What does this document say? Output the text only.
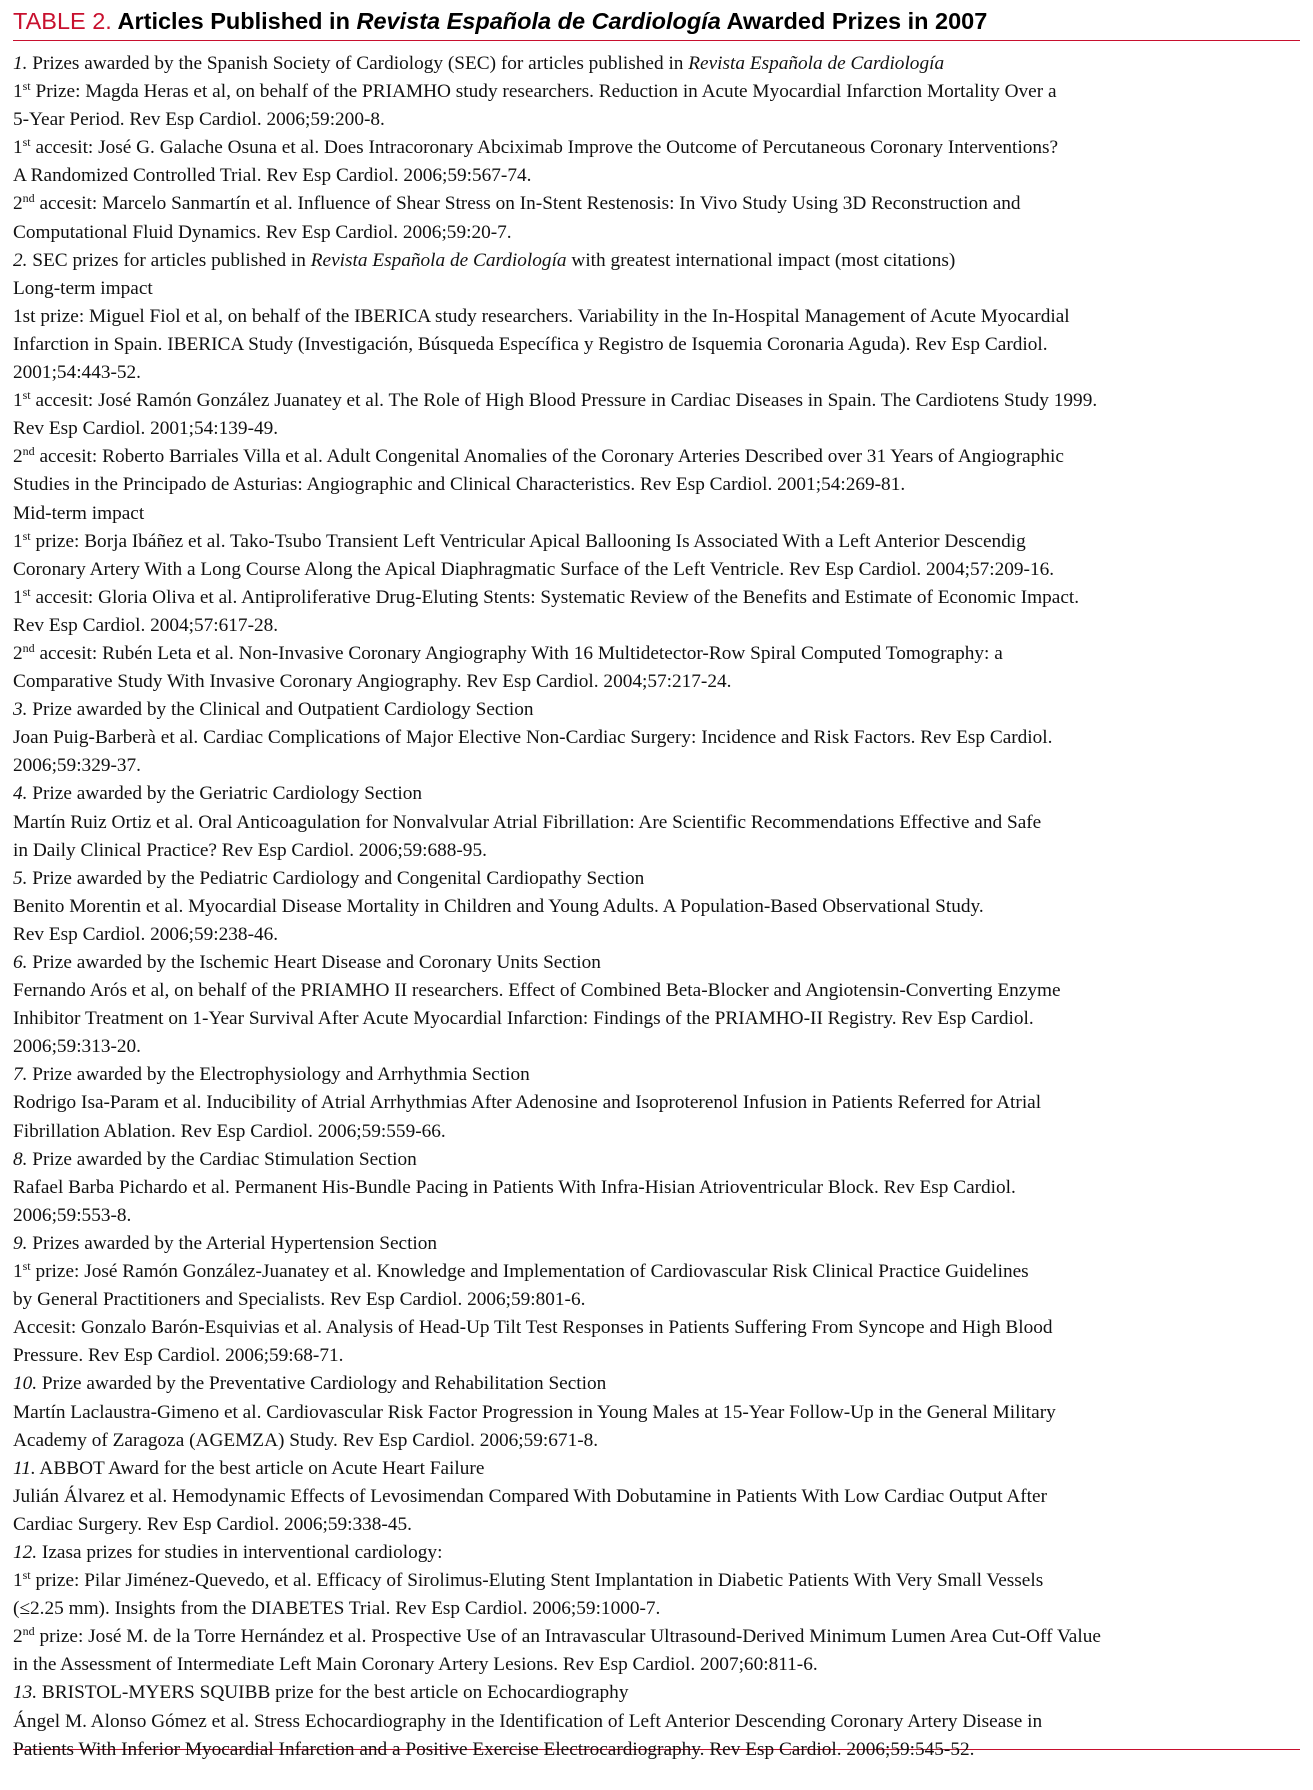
TABLE 2. Articles Published in Revista Española de Cardiología Awarded Prizes in 2007
1. Prizes awarded by the Spanish Society of Cardiology (SEC) for articles published in Revista Española de Cardiología
1st Prize: Magda Heras et al, on behalf of the PRIAMHO study researchers. Reduction in Acute Myocardial Infarction Mortality Over a
5-Year Period. Rev Esp Cardiol. 2006;59:200-8.
1st accesit: José G. Galache Osuna et al. Does Intracoronary Abciximab Improve the Outcome of Percutaneous Coronary Interventions?
A Randomized Controlled Trial. Rev Esp Cardiol. 2006;59:567-74.
2nd accesit: Marcelo Sanmartín et al. Influence of Shear Stress on In-Stent Restenosis: In Vivo Study Using 3D Reconstruction and
Computational Fluid Dynamics. Rev Esp Cardiol. 2006;59:20-7.
2. SEC prizes for articles published in Revista Española de Cardiología with greatest international impact (most citations)
Long-term impact
1st prize: Miguel Fiol et al, on behalf of the IBERICA study researchers. Variability in the In-Hospital Management of Acute Myocardial
Infarction in Spain. IBERICA Study (Investigación, Búsqueda Específica y Registro de Isquemia Coronaria Aguda). Rev Esp Cardiol.
2001;54:443-52.
1st accesit: José Ramón González Juanatey et al. The Role of High Blood Pressure in Cardiac Diseases in Spain. The Cardiotens Study 1999.
Rev Esp Cardiol. 2001;54:139-49.
2nd accesit: Roberto Barriales Villa et al. Adult Congenital Anomalies of the Coronary Arteries Described over 31 Years of Angiographic
Studies in the Principado de Asturias: Angiographic and Clinical Characteristics. Rev Esp Cardiol. 2001;54:269-81.
Mid-term impact
1st prize: Borja Ibáñez et al. Tako-Tsubo Transient Left Ventricular Apical Ballooning Is Associated With a Left Anterior Descendig
Coronary Artery With a Long Course Along the Apical Diaphragmatic Surface of the Left Ventricle. Rev Esp Cardiol. 2004;57:209-16.
1st accesit: Gloria Oliva et al. Antiproliferative Drug-Eluting Stents: Systematic Review of the Benefits and Estimate of Economic Impact.
Rev Esp Cardiol. 2004;57:617-28.
2nd accesit: Rubén Leta et al. Non-Invasive Coronary Angiography With 16 Multidetector-Row Spiral Computed Tomography: a
Comparative Study With Invasive Coronary Angiography. Rev Esp Cardiol. 2004;57:217-24.
3. Prize awarded by the Clinical and Outpatient Cardiology Section
Joan Puig-Barberà et al. Cardiac Complications of Major Elective Non-Cardiac Surgery: Incidence and Risk Factors. Rev Esp Cardiol.
2006;59:329-37.
4. Prize awarded by the Geriatric Cardiology Section
Martín Ruiz Ortiz et al. Oral Anticoagulation for Nonvalvular Atrial Fibrillation: Are Scientific Recommendations Effective and Safe
in Daily Clinical Practice? Rev Esp Cardiol. 2006;59:688-95.
5. Prize awarded by the Pediatric Cardiology and Congenital Cardiopathy Section
Benito Morentin et al. Myocardial Disease Mortality in Children and Young Adults. A Population-Based Observational Study.
Rev Esp Cardiol. 2006;59:238-46.
6. Prize awarded by the Ischemic Heart Disease and Coronary Units Section
Fernando Arós et al, on behalf of the PRIAMHO II researchers. Effect of Combined Beta-Blocker and Angiotensin-Converting Enzyme
Inhibitor Treatment on 1-Year Survival After Acute Myocardial Infarction: Findings of the PRIAMHO-II Registry. Rev Esp Cardiol.
2006;59:313-20.
7. Prize awarded by the Electrophysiology and Arrhythmia Section
Rodrigo Isa-Param et al. Inducibility of Atrial Arrhythmias After Adenosine and Isoproterenol Infusion in Patients Referred for Atrial
Fibrillation Ablation. Rev Esp Cardiol. 2006;59:559-66.
8. Prize awarded by the Cardiac Stimulation Section
Rafael Barba Pichardo et al. Permanent His-Bundle Pacing in Patients With Infra-Hisian Atrioventricular Block. Rev Esp Cardiol.
2006;59:553-8.
9. Prizes awarded by the Arterial Hypertension Section
1st prize: José Ramón González-Juanatey et al. Knowledge and Implementation of Cardiovascular Risk Clinical Practice Guidelines
by General Practitioners and Specialists. Rev Esp Cardiol. 2006;59:801-6.
Accesit: Gonzalo Barón-Esquivias et al. Analysis of Head-Up Tilt Test Responses in Patients Suffering From Syncope and High Blood
Pressure. Rev Esp Cardiol. 2006;59:68-71.
10. Prize awarded by the Preventative Cardiology and Rehabilitation Section
Martín Laclaustra-Gimeno et al. Cardiovascular Risk Factor Progression in Young Males at 15-Year Follow-Up in the General Military
Academy of Zaragoza (AGEMZA) Study. Rev Esp Cardiol. 2006;59:671-8.
11. ABBOT Award for the best article on Acute Heart Failure
Julián Álvarez et al. Hemodynamic Effects of Levosimendan Compared With Dobutamine in Patients With Low Cardiac Output After
Cardiac Surgery. Rev Esp Cardiol. 2006;59:338-45.
12. Izasa prizes for studies in interventional cardiology:
1st prize: Pilar Jiménez-Quevedo, et al. Efficacy of Sirolimus-Eluting Stent Implantation in Diabetic Patients With Very Small Vessels
(≤2.25 mm). Insights from the DIABETES Trial. Rev Esp Cardiol. 2006;59:1000-7.
2nd prize: José M. de la Torre Hernández et al. Prospective Use of an Intravascular Ultrasound-Derived Minimum Lumen Area Cut-Off Value
in the Assessment of Intermediate Left Main Coronary Artery Lesions. Rev Esp Cardiol. 2007;60:811-6.
13. BRISTOL-MYERS SQUIBB prize for the best article on Echocardiography
Ángel M. Alonso Gómez et al. Stress Echocardiography in the Identification of Left Anterior Descending Coronary Artery Disease in
Patients With Inferior Myocardial Infarction and a Positive Exercise Electrocardiography. Rev Esp Cardiol. 2006;59:545-52.
